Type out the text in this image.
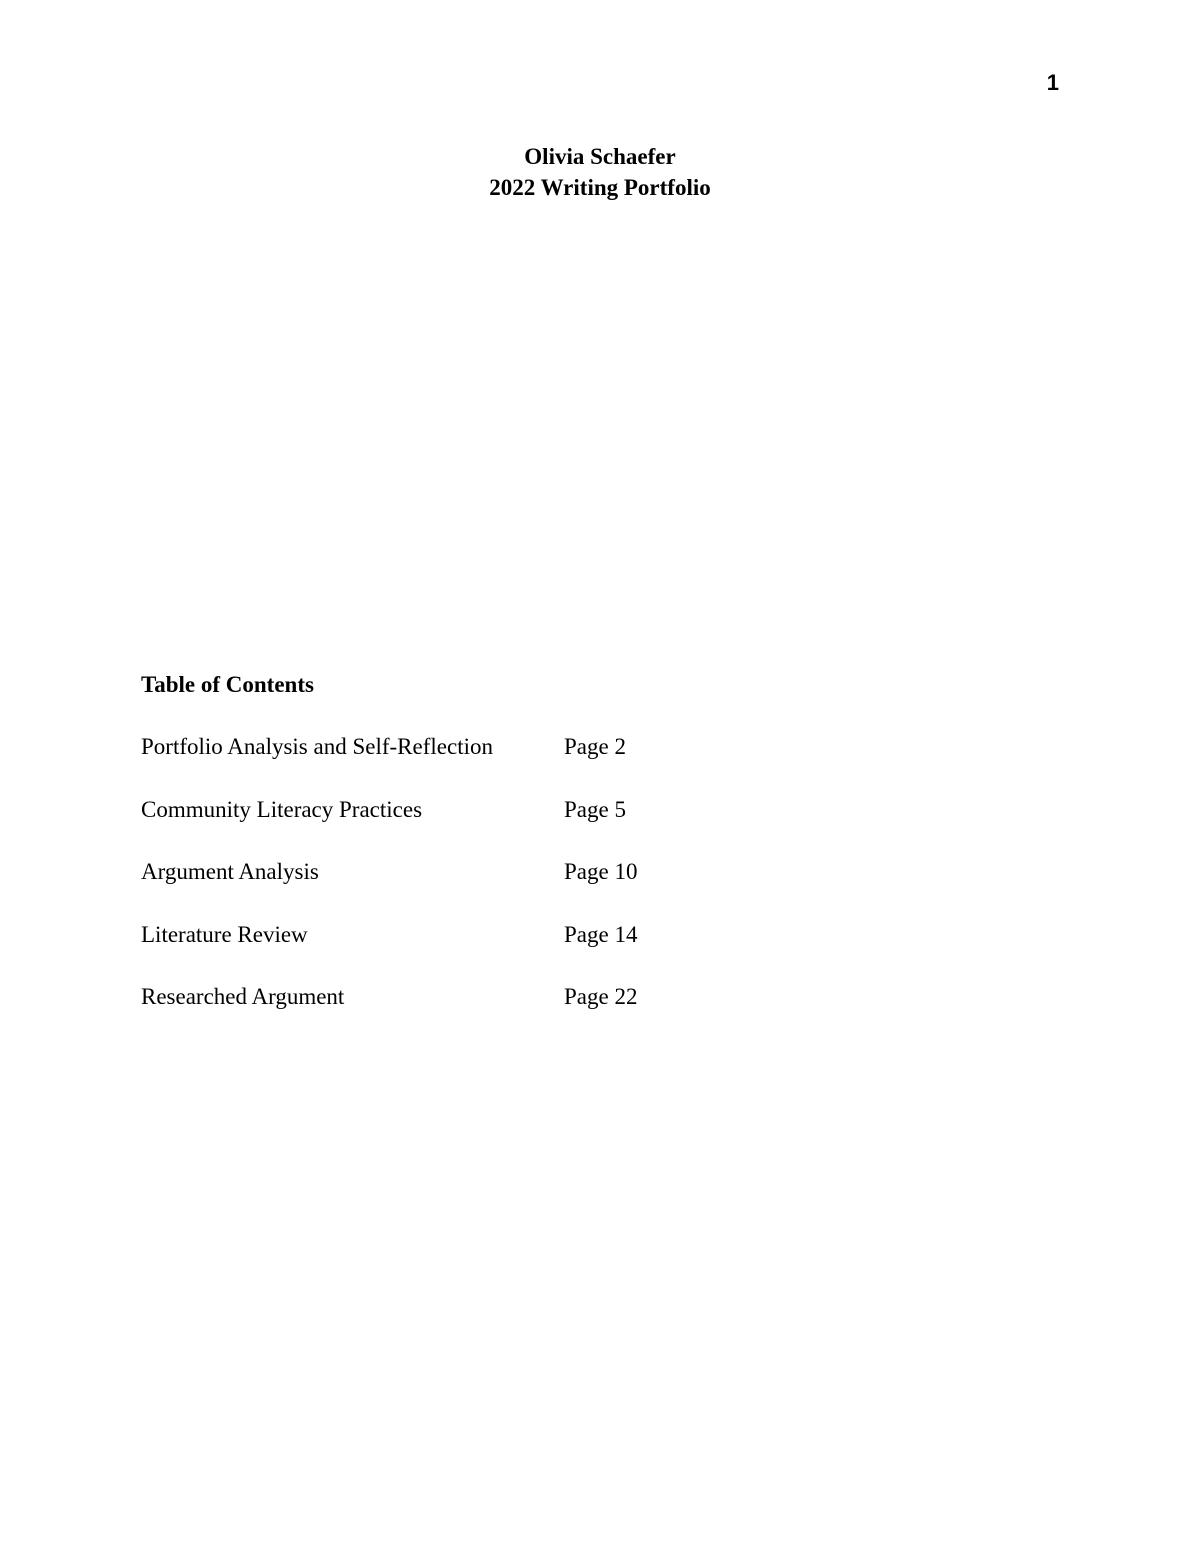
1
Olivia Schaefer
2022 Writing Portfolio
Table of Contents
Portfolio Analysis and Self-Reflection	Page 2
Community Literacy Practices	Page 5
Argument Analysis	Page 10
Literature Review	Page 14
Researched Argument	Page 22
